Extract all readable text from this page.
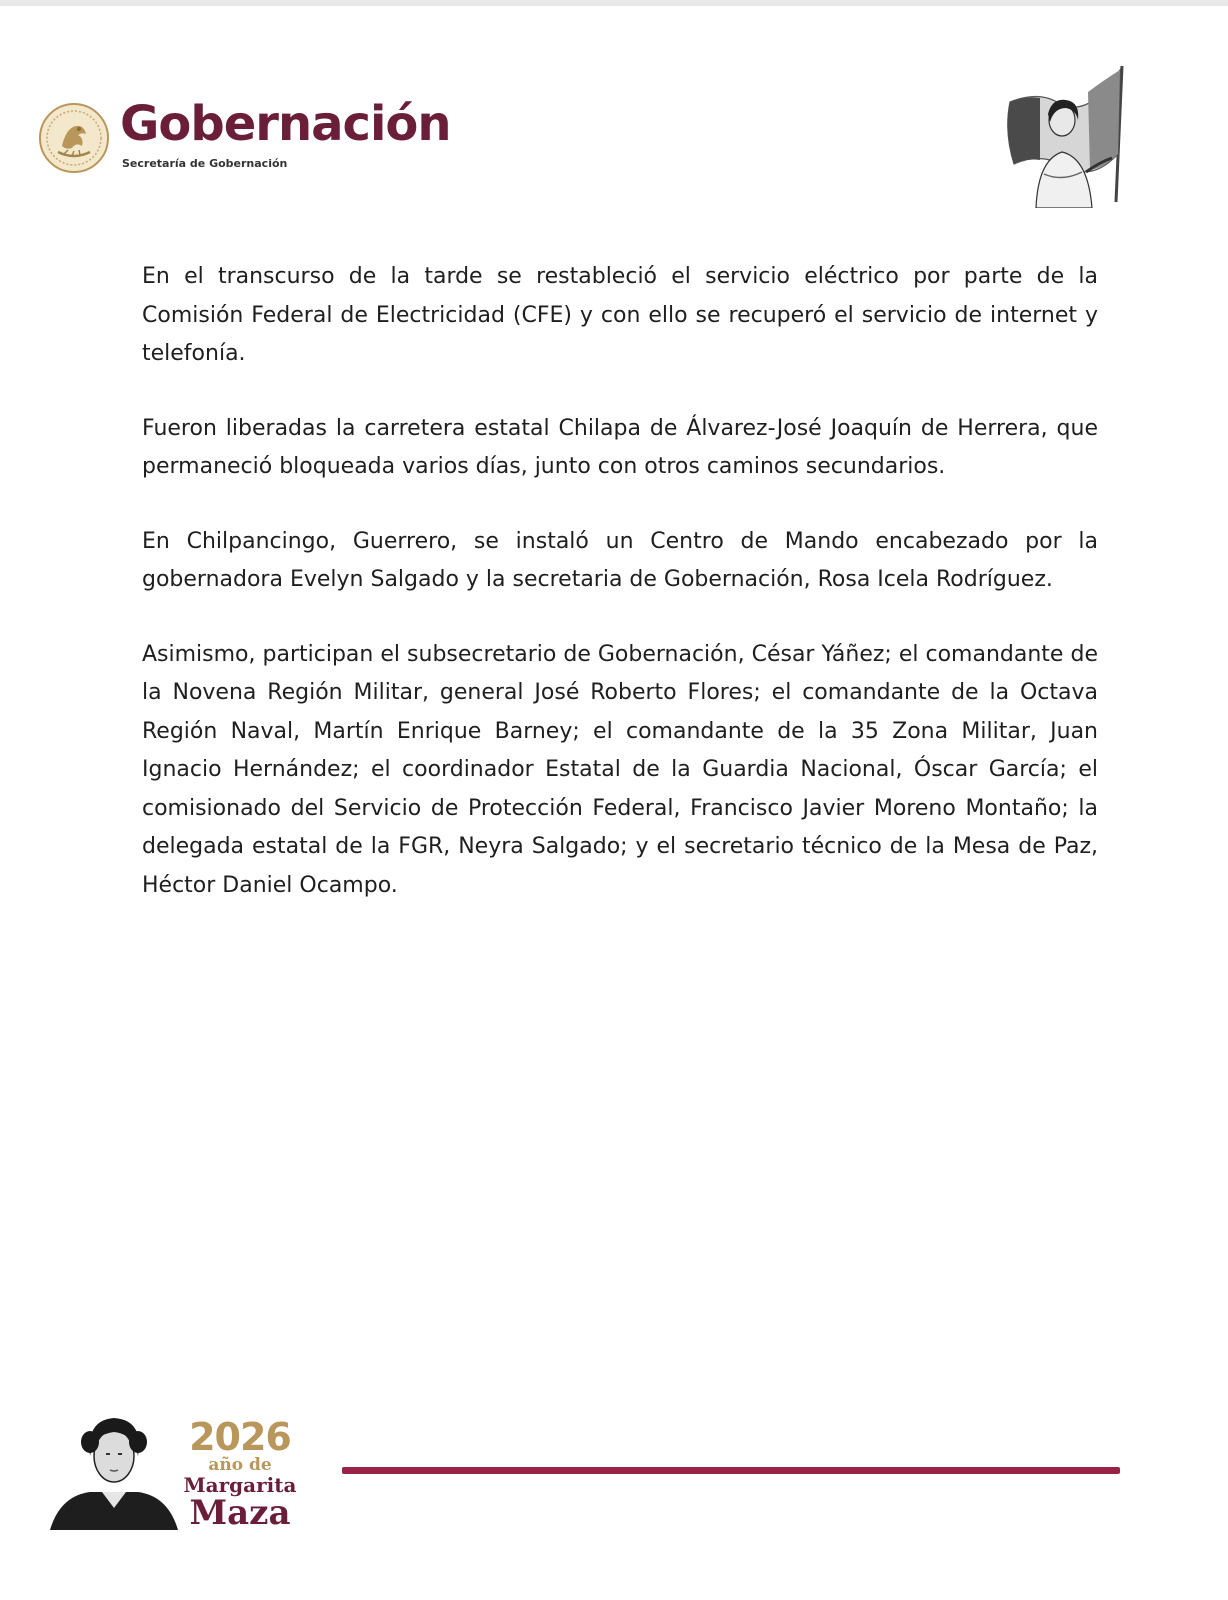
Gobernación
Secretaría de Gobernación

En el transcurso de la tarde se restableció el servicio eléctrico por parte de la Comisión Federal de Electricidad (CFE) y con ello se recuperó el servicio de internet y telefonía.

Fueron liberadas la carretera estatal Chilapa de Álvarez-José Joaquín de Herrera, que permaneció bloqueada varios días, junto con otros caminos secundarios.

En Chilpancingo, Guerrero, se instaló un Centro de Mando encabezado por la gobernadora Evelyn Salgado y la secretaria de Gobernación, Rosa Icela Rodríguez.

Asimismo, participan el subsecretario de Gobernación, César Yáñez; el comandante de la Novena Región Militar, general José Roberto Flores; el comandante de la Octava Región Naval, Martín Enrique Barney; el comandante de la 35 Zona Militar, Juan Ignacio Hernández; el coordinador Estatal de la Guardia Nacional, Óscar García; el comisionado del Servicio de Protección Federal, Francisco Javier Moreno Montaño; la delegada estatal de la FGR, Neyra Salgado; y el secretario técnico de la Mesa de Paz, Héctor Daniel Ocampo.

2026
año de
Margarita
Maza
